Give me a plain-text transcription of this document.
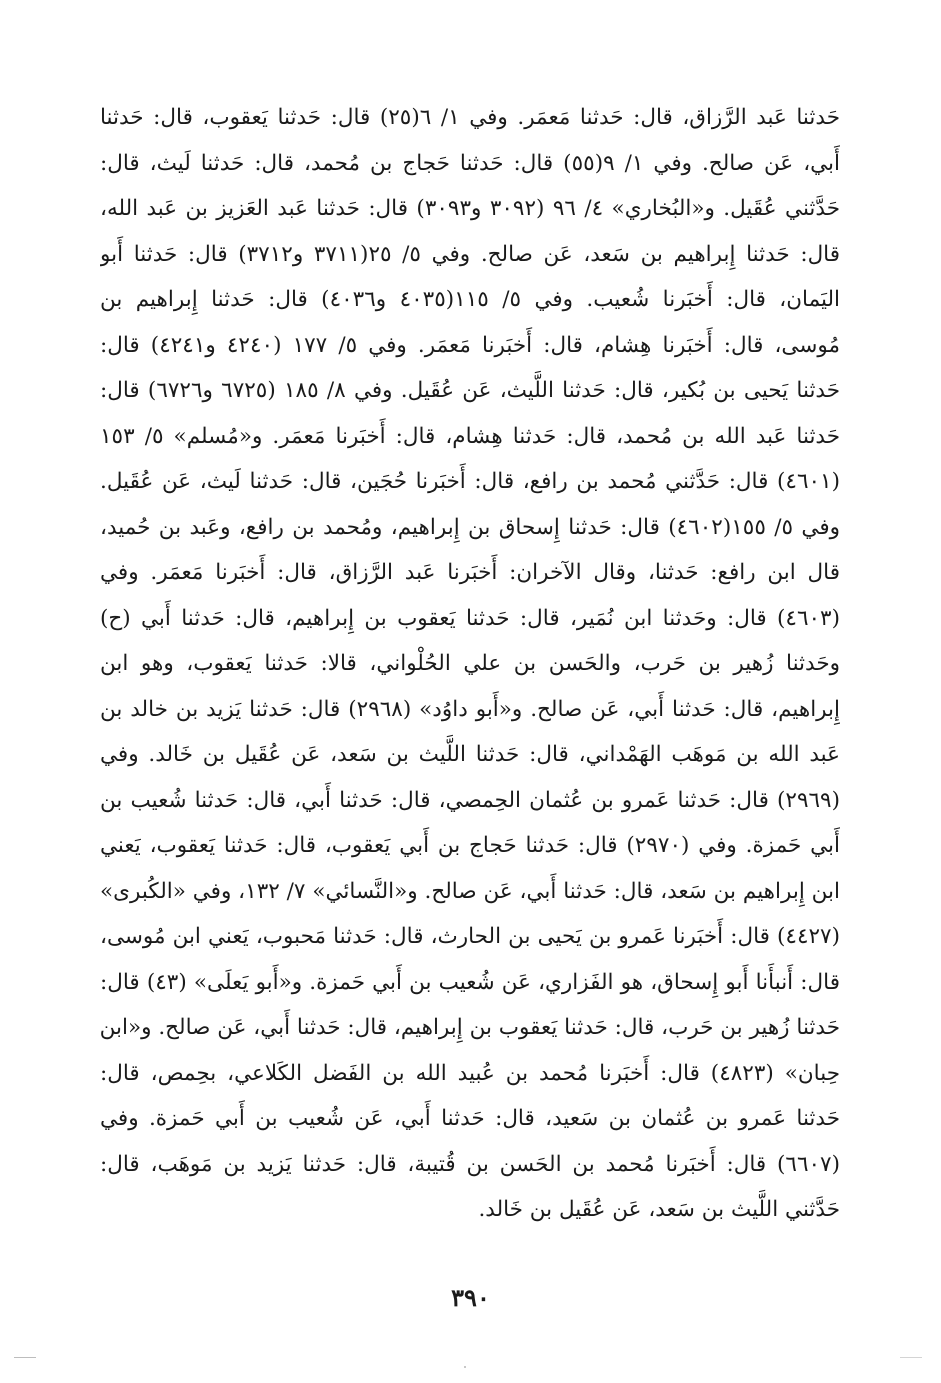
حَدثنا عَبد الرَّزاق، قال: حَدثنا مَعمَر. وفي ١/ ٦(٢٥) قال: حَدثنا يَعقوب، قال: حَدثنا
أَبي، عَن صالح. وفي ١/ ٩(٥٥) قال: حَدثنا حَجاج بن مُحمد، قال: حَدثنا لَيث، قال:
حَدَّثني عُقَيل. و«البُخاري» ٤/ ٩٦ (٣٠٩٢ و٣٠٩٣) قال: حَدثنا عَبد العَزيز بن عَبد الله،
قال: حَدثنا إِبراهيم بن سَعد، عَن صالح. وفي ٥/ ٢٥(٣٧١١ و٣٧١٢) قال: حَدثنا أَبو
اليَمان، قال: أَخبَرنا شُعيب. وفي ٥/ ١١٥(٤٠٣٥ و٤٠٣٦) قال: حَدثنا إِبراهيم بن
مُوسى، قال: أَخبَرنا هِشام، قال: أَخبَرنا مَعمَر. وفي ٥/ ١٧٧ (٤٢٤٠ و٤٢٤١) قال:
حَدثنا يَحيى بن بُكير، قال: حَدثنا اللَّيث، عَن عُقَيل. وفي ٨/ ١٨٥ (٦٧٢٥ و٦٧٢٦) قال:
حَدثنا عَبد الله بن مُحمد، قال: حَدثنا هِشام، قال: أَخبَرنا مَعمَر. و«مُسلم» ٥/ ١٥٣
(٤٦٠١) قال: حَدَّثني مُحمد بن رافع، قال: أَخبَرنا حُجَين، قال: حَدثنا لَيث، عَن عُقَيل.
وفي ٥/ ١٥٥(٤٦٠٢) قال: حَدثنا إِسحاق بن إِبراهيم، ومُحمد بن رافع، وعَبد بن حُميد،
قال ابن رافع: حَدثنا، وقال الآخران: أَخبَرنا عَبد الرَّزاق، قال: أَخبَرنا مَعمَر. وفي
(٤٦٠٣) قال: وحَدثنا ابن نُمَير، قال: حَدثنا يَعقوب بن إِبراهيم، قال: حَدثنا أَبي (ح)
وحَدثنا زُهير بن حَرب، والحَسن بن علي الحُلْواني، قالا: حَدثنا يَعقوب، وهو ابن
إِبراهيم، قال: حَدثنا أَبي، عَن صالح. و«أَبو داوُد» (٢٩٦٨) قال: حَدثنا يَزيد بن خالد بن
عَبد الله بن مَوهَب الهَمْداني، قال: حَدثنا اللَّيث بن سَعد، عَن عُقَيل بن خَالد. وفي
(٢٩٦٩) قال: حَدثنا عَمرو بن عُثمان الحِمصي، قال: حَدثنا أَبي، قال: حَدثنا شُعيب بن
أَبي حَمزة. وفي (٢٩٧٠) قال: حَدثنا حَجاج بن أَبي يَعقوب، قال: حَدثنا يَعقوب، يَعني
ابن إِبراهيم بن سَعد، قال: حَدثنا أَبي، عَن صالح. و«النَّسائي» ٧/ ١٣٢، وفي «الكُبرى»
(٤٤٢٧) قال: أَخبَرنا عَمرو بن يَحيى بن الحارث، قال: حَدثنا مَحبوب، يَعني ابن مُوسى،
قال: أَنبأَنا أَبو إِسحاق، هو الفَزاري، عَن شُعيب بن أَبي حَمزة. و«أَبو يَعلَى» (٤٣) قال:
حَدثنا زُهير بن حَرب، قال: حَدثنا يَعقوب بن إِبراهيم، قال: حَدثنا أَبي، عَن صالح. و«ابن
حِبان» (٤٨٢٣) قال: أَخبَرنا مُحمد بن عُبيد الله بن الفَضل الكَلاعي، بحِمص، قال:
حَدثنا عَمرو بن عُثمان بن سَعيد، قال: حَدثنا أَبي، عَن شُعيب بن أَبي حَمزة. وفي
(٦٦٠٧) قال: أَخبَرنا مُحمد بن الحَسن بن قُتيبة، قال: حَدثنا يَزيد بن مَوهَب، قال:
حَدَّثني اللَّيث بن سَعد، عَن عُقَيل بن خَالد.
٣٩٠
